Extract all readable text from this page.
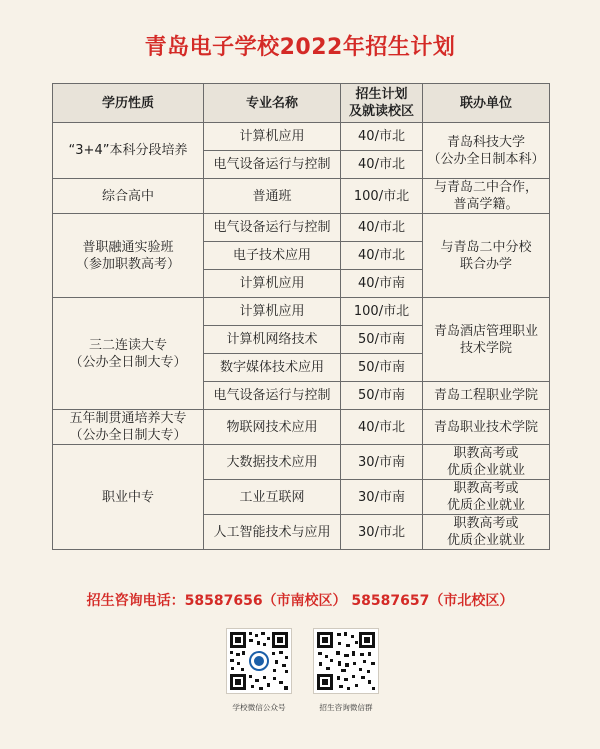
青岛电子学校2022年招生计划
学历性质	专业名称	招生计划
及就读校区	联办单位
“3+4”本科分段培养	计算机应用	40/市北	青岛科技大学
（公办全日制本科）
	电气设备运行与控制	40/市北	
综合高中	普通班	100/市北	与青岛二中合作，
普高学籍。
普职融通实验班
（参加职教高考）	电气设备运行与控制	40/市北	与青岛二中分校
联合办学
	电子技术应用	40/市北	
	计算机应用	40/市南	
三二连读大专
（公办全日制大专）	计算机应用	100/市北	青岛酒店管理职业
技术学院
	计算机网络技术	50/市南	
	数字媒体技术应用	50/市南	
	电气设备运行与控制	50/市南	青岛工程职业学院
五年制贯通培养大专
（公办全日制大专）	物联网技术应用	40/市北	青岛职业技术学院
职业中专	大数据技术应用	30/市南	职教高考或
优质企业就业
	工业互联网	30/市南	职教高考或
优质企业就业
	人工智能技术与应用	30/市北	职教高考或
优质企业就业
招生咨询电话：58587656（市南校区） 58587657（市北校区）
学校微信公众号	招生咨询微信群
